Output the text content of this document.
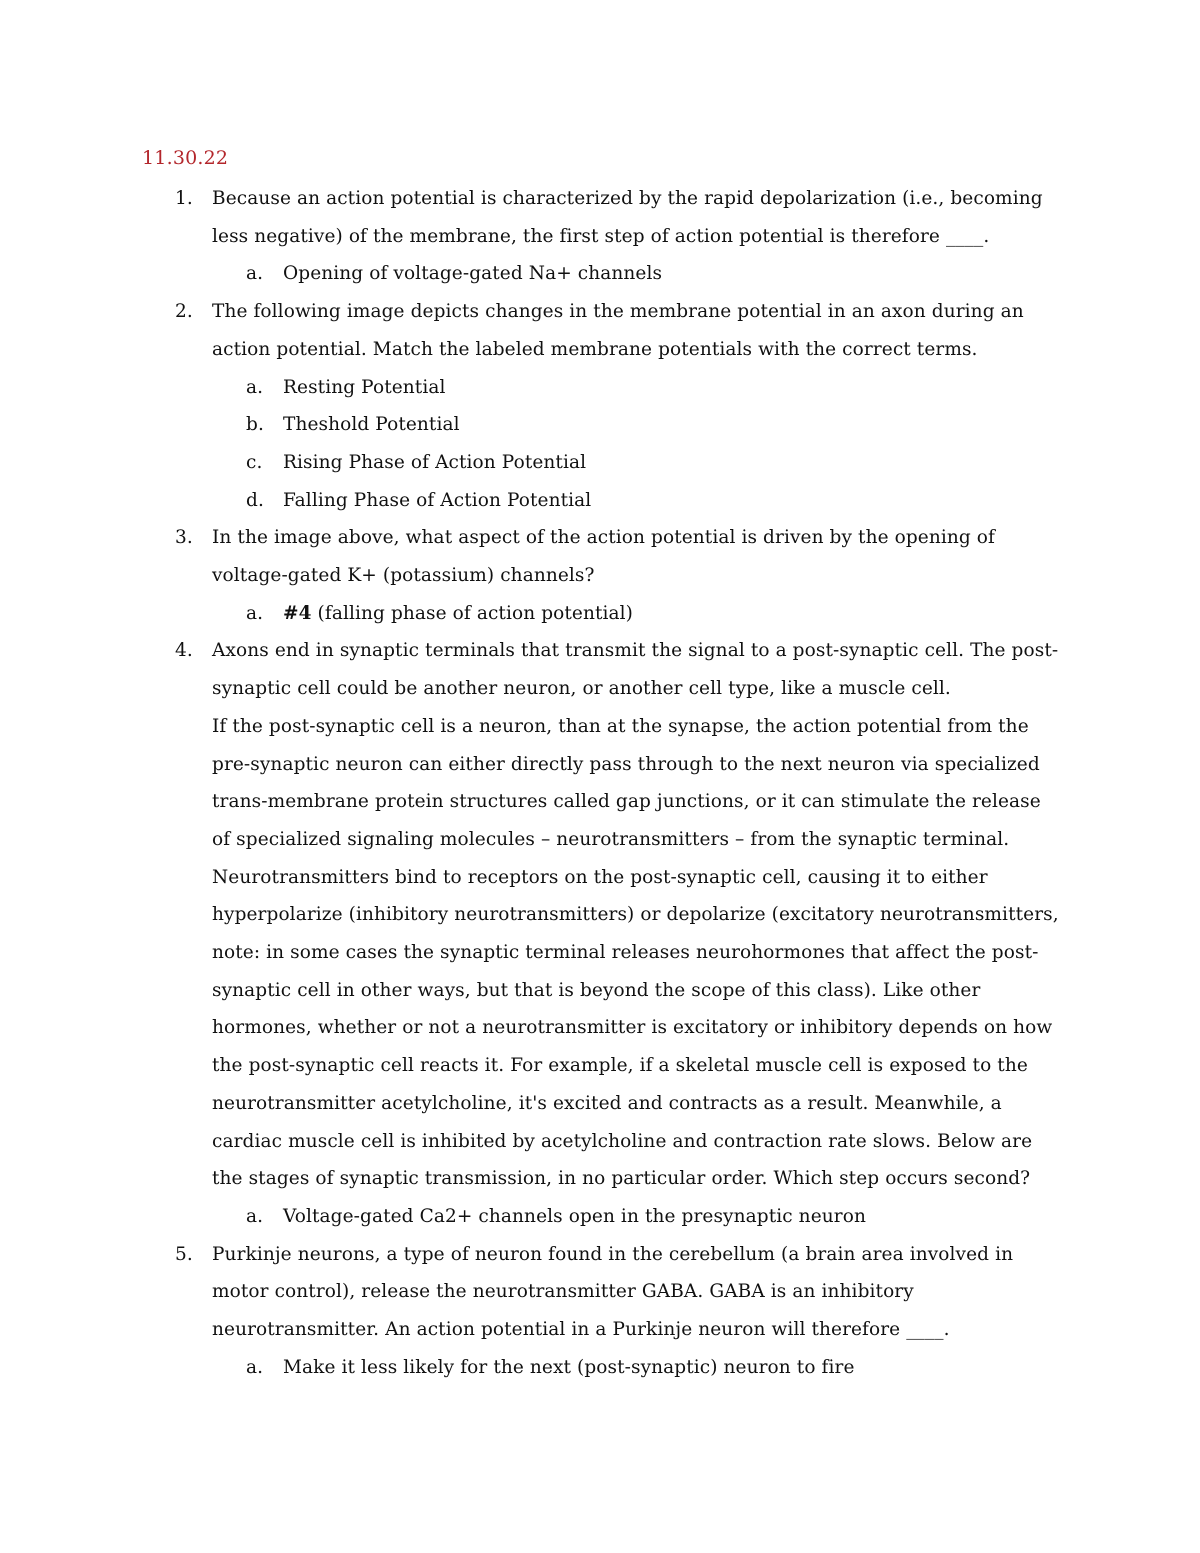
11.30.22
1. Because an action potential is characterized by the rapid depolarization (i.e., becoming less negative) of the membrane, the first step of action potential is therefore ____.
a. Opening of voltage-gated Na+ channels
2. The following image depicts changes in the membrane potential in an axon during an action potential. Match the labeled membrane potentials with the correct terms.
a. Resting Potential
b. Theshold Potential
c. Rising Phase of Action Potential
d. Falling Phase of Action Potential
3. In the image above, what aspect of the action potential is driven by the opening of voltage-gated K+ (potassium) channels?
a. #4 (falling phase of action potential)
4. Axons end in synaptic terminals that transmit the signal to a post-synaptic cell. The post-synaptic cell could be another neuron, or another cell type, like a muscle cell.
If the post-synaptic cell is a neuron, than at the synapse, the action potential from the pre-synaptic neuron can either directly pass through to the next neuron via specialized trans-membrane protein structures called gap junctions, or it can stimulate the release of specialized signaling molecules – neurotransmitters – from the synaptic terminal. Neurotransmitters bind to receptors on the post-synaptic cell, causing it to either hyperpolarize (inhibitory neurotransmitters) or depolarize (excitatory neurotransmitters, note: in some cases the synaptic terminal releases neurohormones that affect the post-synaptic cell in other ways, but that is beyond the scope of this class). Like other hormones, whether or not a neurotransmitter is excitatory or inhibitory depends on how the post-synaptic cell reacts it. For example, if a skeletal muscle cell is exposed to the neurotransmitter acetylcholine, it's excited and contracts as a result. Meanwhile, a cardiac muscle cell is inhibited by acetylcholine and contraction rate slows. Below are the stages of synaptic transmission, in no particular order. Which step occurs second?
a. Voltage-gated Ca2+ channels open in the presynaptic neuron
5. Purkinje neurons, a type of neuron found in the cerebellum (a brain area involved in motor control), release the neurotransmitter GABA. GABA is an inhibitory neurotransmitter. An action potential in a Purkinje neuron will therefore ____.
a. Make it less likely for the next (post-synaptic) neuron to fire
